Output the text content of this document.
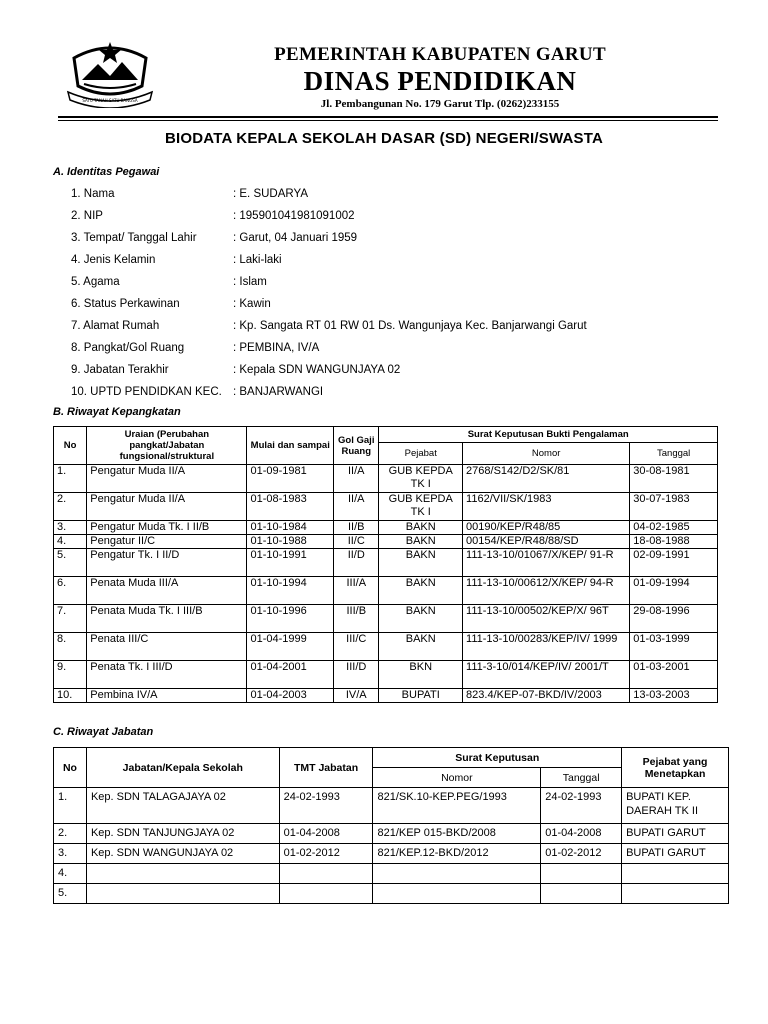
SATU TANAH SATU BANGSA
PEMERINTAH KABUPATEN GARUT
DINAS PENDIDIKAN
Jl. Pembangunan No. 179 Garut Tlp. (0262)233155
BIODATA KEPALA SEKOLAH DASAR (SD) NEGERI/SWASTA
A. Identitas Pegawai
1. Nama	: E. SUDARYA
2. NIP	: 195901041981091002
3. Tempat/ Tanggal Lahir	: Garut, 04 Januari 1959
4. Jenis Kelamin	: Laki-laki
5. Agama	: Islam
6. Status Perkawinan	: Kawin
7. Alamat Rumah	: Kp. Sangata RT 01 RW 01 Ds. Wangunjaya Kec. Banjarwangi Garut
8. Pangkat/Gol Ruang	: PEMBINA, IV/A
9. Jabatan Terakhir	: Kepala SDN WANGUNJAYA 02
10. UPTD PENDIDKAN KEC. : BANJARWANGI
B. Riwayat Kepangkatan
No	Uraian (Perubahan pangkat/Jabatan fungsional/struktural	Mulai dan sampai	Gol Gaji Ruang	Surat Keputusan Bukti Pengalaman		
				Pejabat	Nomor	Tanggal
1.	Pengatur Muda II/A	01-09-1981	II/A	GUB KEPDA TK I	2768/S142/D2/SK/81	30-08-1981
2.	Pengatur Muda II/A	01-08-1983	II/A	GUB KEPDA TK I	1162/VII/SK/1983	30-07-1983
3.	Pengatur Muda Tk. I II/B	01-10-1984	II/B	BAKN	00190/KEP/R48/85	04-02-1985
4.	Pengatur II/C	01-10-1988	II/C	BAKN	00154/KEP/R48/88/SD	18-08-1988
5.	Pengatur Tk. I II/D	01-10-1991	II/D	BAKN	111-13-10/01067/X/KEP/ 91-R	02-09-1991
6.	Penata Muda III/A	01-10-1994	III/A	BAKN	111-13-10/00612/X/KEP/ 94-R	01-09-1994
7.	Penata Muda Tk. I III/B	01-10-1996	III/B	BAKN	111-13-10/00502/KEP/X/ 96T	29-08-1996
8.	Penata III/C	01-04-1999	III/C	BAKN	111-13-10/00283/KEP/IV/ 1999	01-03-1999
9.	Penata Tk. I III/D	01-04-2001	III/D	BKN	111-3-10/014/KEP/IV/ 2001/T	01-03-2001
10.	Pembina IV/A	01-04-2003	IV/A	BUPATI	823.4/KEP-07-BKD/IV/2003	13-03-2003
C. Riwayat Jabatan
No	Jabatan/Kepala Sekolah	TMT Jabatan	Surat Keputusan		Pejabat yang Menetapkan
			Nomor	Tanggal	
1.	Kep. SDN TALAGAJAYA 02	24-02-1993	821/SK.10-KEP.PEG/1993	24-02-1993	BUPATI KEP. DAERAH TK II
2.	Kep. SDN TANJUNGJAYA 02	01-04-2008	821/KEP 015-BKD/2008	01-04-2008	BUPATI GARUT
3.	Kep. SDN WANGUNJAYA 02	01-02-2012	821/KEP.12-BKD/2012	01-02-2012	BUPATI GARUT
4.					
5.					
